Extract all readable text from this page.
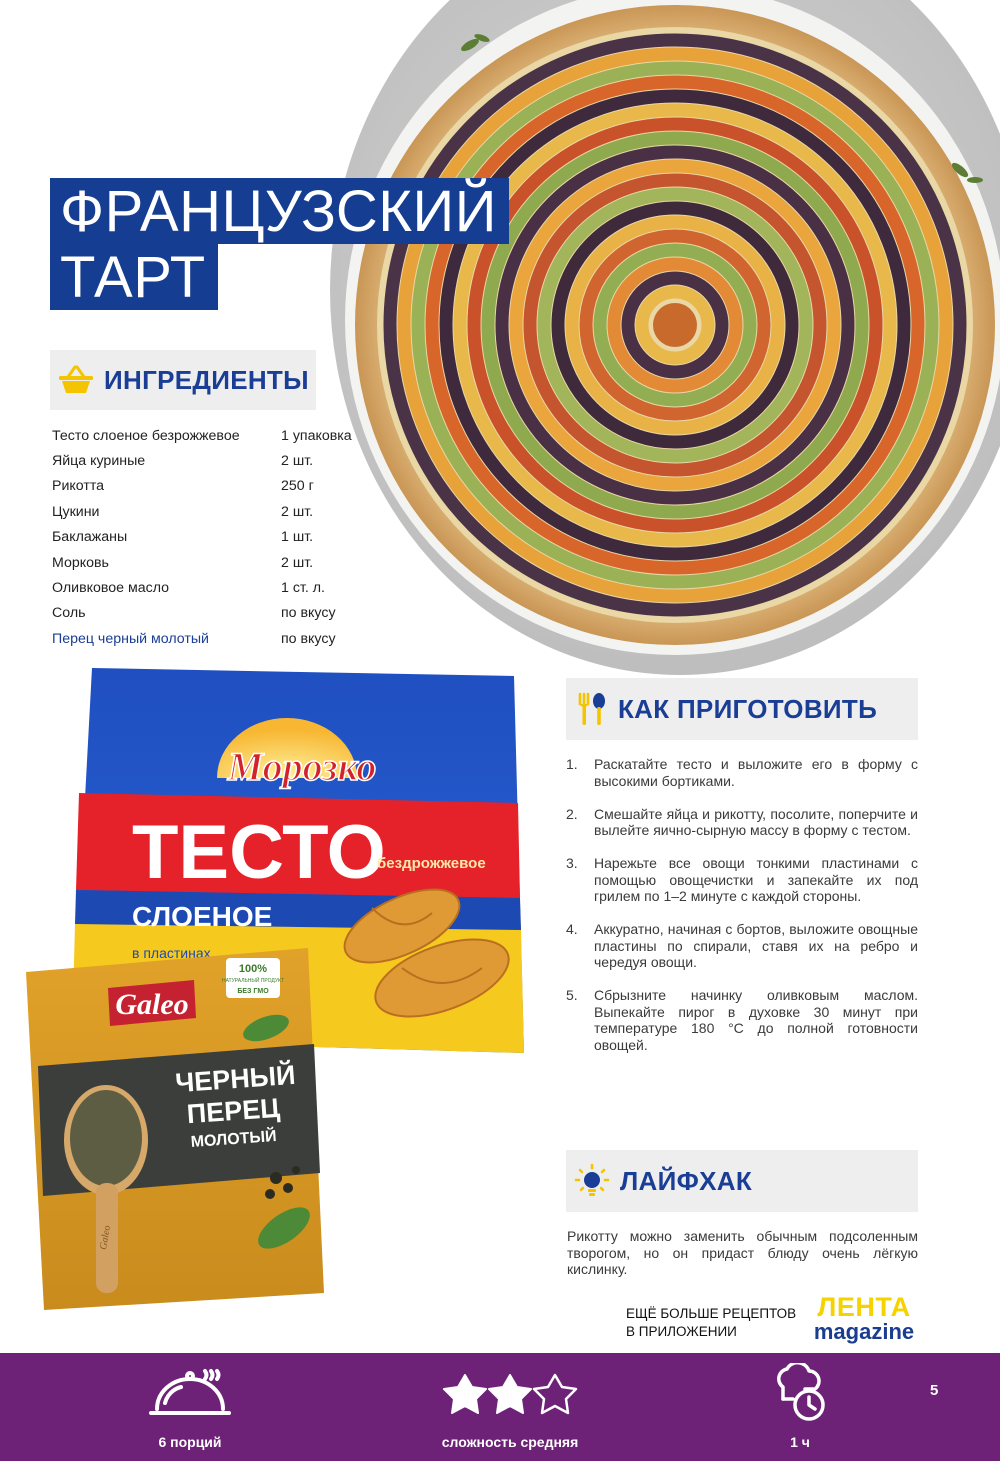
ФРАНЦУЗСКИЙ
ТАРТ
ИНГРЕДИЕНТЫ
Тесто слоеное безрожжевое	1 упаковка
Яйца куриные	2 шт.
Рикотта	250 г
Цукини	2 шт.
Баклажаны	1 шт.
Морковь	2 шт.
Оливковое масло	1 ст. л.
Соль	по вкусу
Перец черный молотый	по вкусу
Морозко
ТЕСТО
бездрожжевое
СЛОЕНОЕ
в пластинах
Galeo
100%
НАТУРАЛЬНЫЙ ПРОДУКТ
БЕЗ ГМО
ЧЕРНЫЙ
ПЕРЕЦ
МОЛОТЫЙ
Galeo
КАК ПРИГОТОВИТЬ
1.	Раскатайте тесто и выложите его в форму с высокими бортиками.
2.	Смешайте яйца и рикотту, посолите, поперчите и вылейте яично-сырную массу в форму с тестом.
3.	Нарежьте все овощи тонкими пластинами с помощью овощечистки и запекайте их под грилем по 1–2 минуте с каждой стороны.
4.	Аккуратно, начиная с бортов, выложите овощные пластины по спирали, ставя их на ребро и чередуя овощи.
5.	Сбрызните начинку оливковым маслом. Выпекайте пирог в духовке 30 минут при температуре 180 °С до полной готовности овощей.
ЛАЙФХАК
Рикотту можно заменить обычным подсоленным творогом, но он придаст блюду очень лёгкую кислинку.
ЕЩЁ БОЛЬШЕ РЕЦЕПТОВ
В ПРИЛОЖЕНИИ
ЛЕНТА
magazine
6 порций	сложность средняя	1 ч
5
